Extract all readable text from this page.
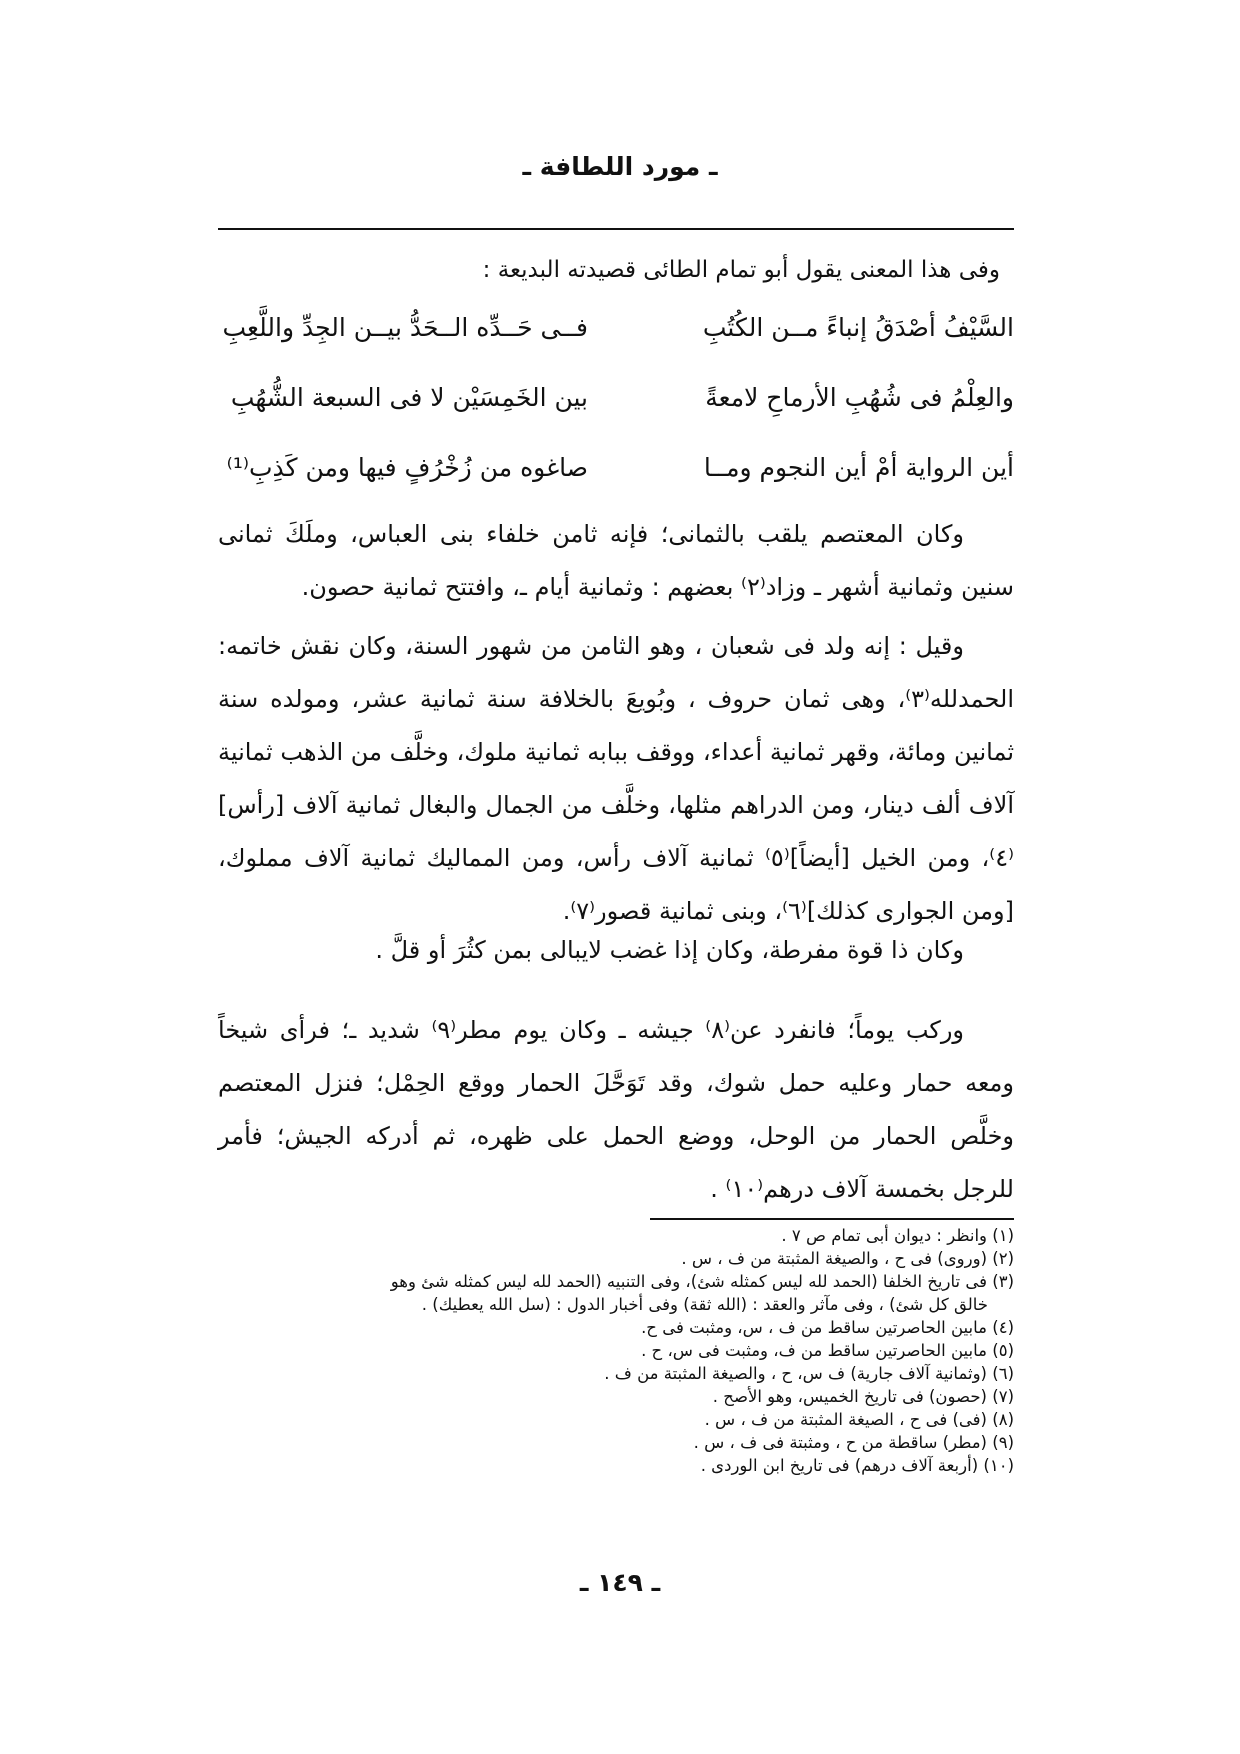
ـ مورد اللطافة ـ
وفى هذا المعنى يقول أبو تمام الطائى قصيدته البديعة :
السَّيْفُ أصْدَقُ إنباءً مــن الكُتُبِ
فــى حَــدِّه الــحَدُّ بيــن الجِدِّ واللَّعِبِ
والعِلْمُ فى شُهُبِ الأرماحِ لامعةً
بين الخَمِسَيْن لا فى السبعة الشُّهُبِ
أين الرواية أمْ أين النجوم ومــا
صاغوه من زُخْرُفٍ فيها ومن كَذِبِ⁽¹⁾

وكان المعتصم يلقب بالثمانى؛ فإنه ثامن خلفاء بنى العباس، وملَكَ ثمانى سنين وثمانية أشهر ـ وزاد⁽٢⁾ بعضهم : وثمانية أيام ـ، وافتتح ثمانية حصون.

وقيل : إنه ولد فى شعبان ، وهو الثامن من شهور السنة، وكان نقش خاتمه: الحمدلله⁽٣⁾، وهى ثمان حروف ، وبُويعَ بالخلافة سنة ثمانية عشر، ومولده سنة ثمانين ومائة، وقهر ثمانية أعداء، ووقف ببابه ثمانية ملوك، وخلَّف من الذهب ثمانية آلاف ألف دينار، ومن الدراهم مثلها، وخلَّف من الجمال والبغال ثمانية آلاف [رأس]⁽٤⁾، ومن الخيل [أيضاً]⁽٥⁾ ثمانية آلاف رأس، ومن المماليك ثمانية آلاف مملوك، [ومن الجوارى كذلك]⁽٦⁾، وبنى ثمانية قصور⁽٧⁾.

وكان ذا قوة مفرطة، وكان إذا غضب لايبالى بمن كثُرَ أو قلَّ .

وركب يوماً؛ فانفرد عن⁽٨⁾ جيشه ـ وكان يوم مطر⁽٩⁾ شديد ـ؛ فرأى شيخاً ومعه حمار وعليه حمل شوك، وقد تَوَحَّلَ الحمار ووقع الحِمْل؛ فنزل المعتصم وخلَّص الحمار من الوحل، ووضع الحمل على ظهره، ثم أدركه الجيش؛ فأمر للرجل بخمسة آلاف درهم⁽١٠⁾ .

(١) وانظر : ديوان أبى تمام ص ٧ .

(٢) (وروى) فى ح ، والصيغة المثبتة من ف ، س .

(٣) فى تاريخ الخلفا (الحمد لله ليس كمثله شئ)، وفى التنبيه (الحمد لله ليس كمثله شئ وهو

خالق كل شئ) ، وفى مآثر والعقد : (الله ثقة) وفى أخبار الدول : (سل الله يعطيك) .

(٤) مابين الحاصرتين ساقط من ف ، س، ومثبت فى ح.

(٥) مابين الحاصرتين ساقط من ف، ومثبت فى س، ح .

(٦) (وثمانية آلاف جارية) ف س، ح ، والصيغة المثبتة من ف .

(٧) (حصون) فى تاريخ الخميس، وهو الأصح .

(٨) (فى) فى ح ، الصيغة المثبتة من ف ، س .

(٩) (مطر) ساقطة من ح ، ومثبتة فى ف ، س .

(١٠) (أربعة آلاف درهم) فى تاريخ ابن الوردى .

ـ ١٤٩ ـ
